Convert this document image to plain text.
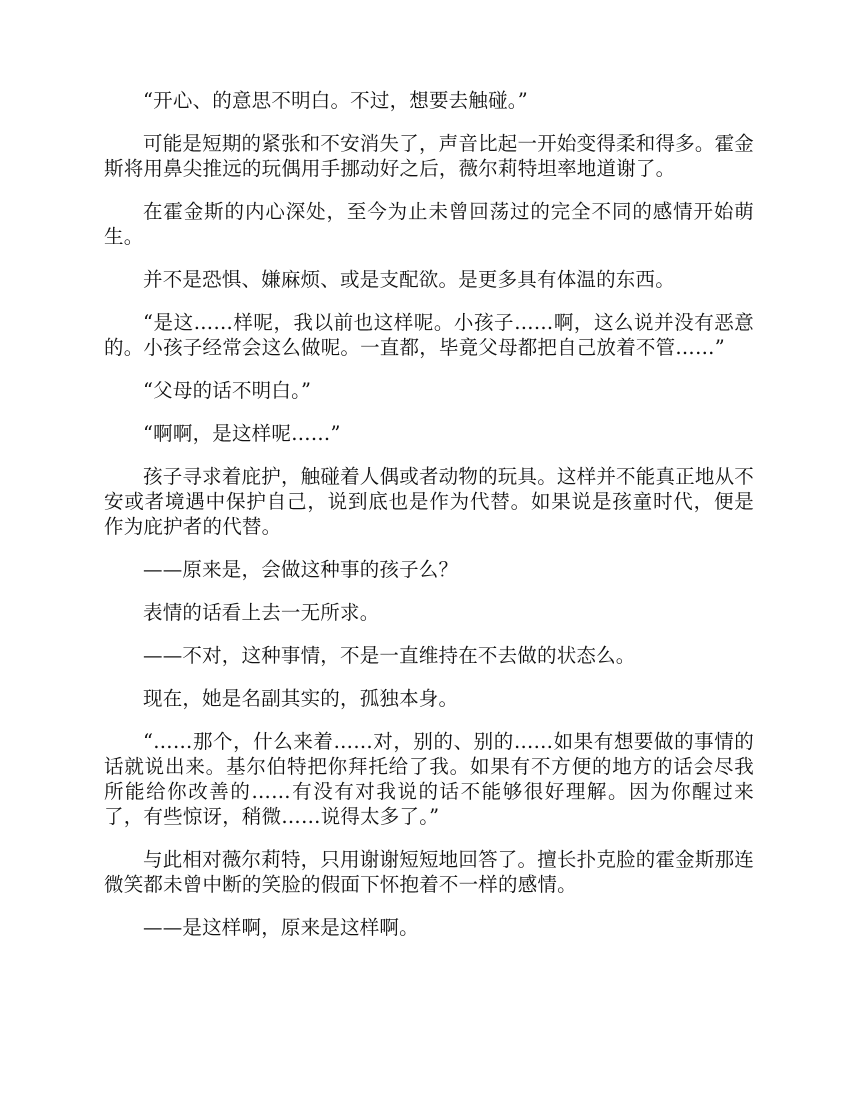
“开心、的意思不明白。不过，想要去触碰。”

可能是短期的紧张和不安消失了，声音比起一开始变得柔和得多。霍金斯将用鼻尖推远的玩偶用手挪动好之后，薇尔莉特坦率地道谢了。

在霍金斯的内心深处，至今为止未曾回荡过的完全不同的感情开始萌生。

并不是恐惧、嫌麻烦、或是支配欲。是更多具有体温的东西。

“是这……样呢，我以前也这样呢。小孩子……啊，这么说并没有恶意的。小孩子经常会这么做呢。一直都，毕竟父母都把自己放着不管……”

“父母的话不明白。”

“啊啊，是这样呢……”

孩子寻求着庇护，触碰着人偶或者动物的玩具。这样并不能真正地从不安或者境遇中保护自己，说到底也是作为代替。如果说是孩童时代，便是作为庇护者的代替。

——原来是，会做这种事的孩子么？

表情的话看上去一无所求。

——不对，这种事情，不是一直维持在不去做的状态么。

现在，她是名副其实的，孤独本身。

“……那个，什么来着……对，别的、别的……如果有想要做的事情的话就说出来。基尔伯特把你拜托给了我。如果有不方便的地方的话会尽我所能给你改善的……有没有对我说的话不能够很好理解。因为你醒过来了，有些惊讶，稍微……说得太多了。”

与此相对薇尔莉特，只用谢谢短短地回答了。擅长扑克脸的霍金斯那连微笑都未曾中断的笑脸的假面下怀抱着不一样的感情。

——是这样啊，原来是这样啊。
